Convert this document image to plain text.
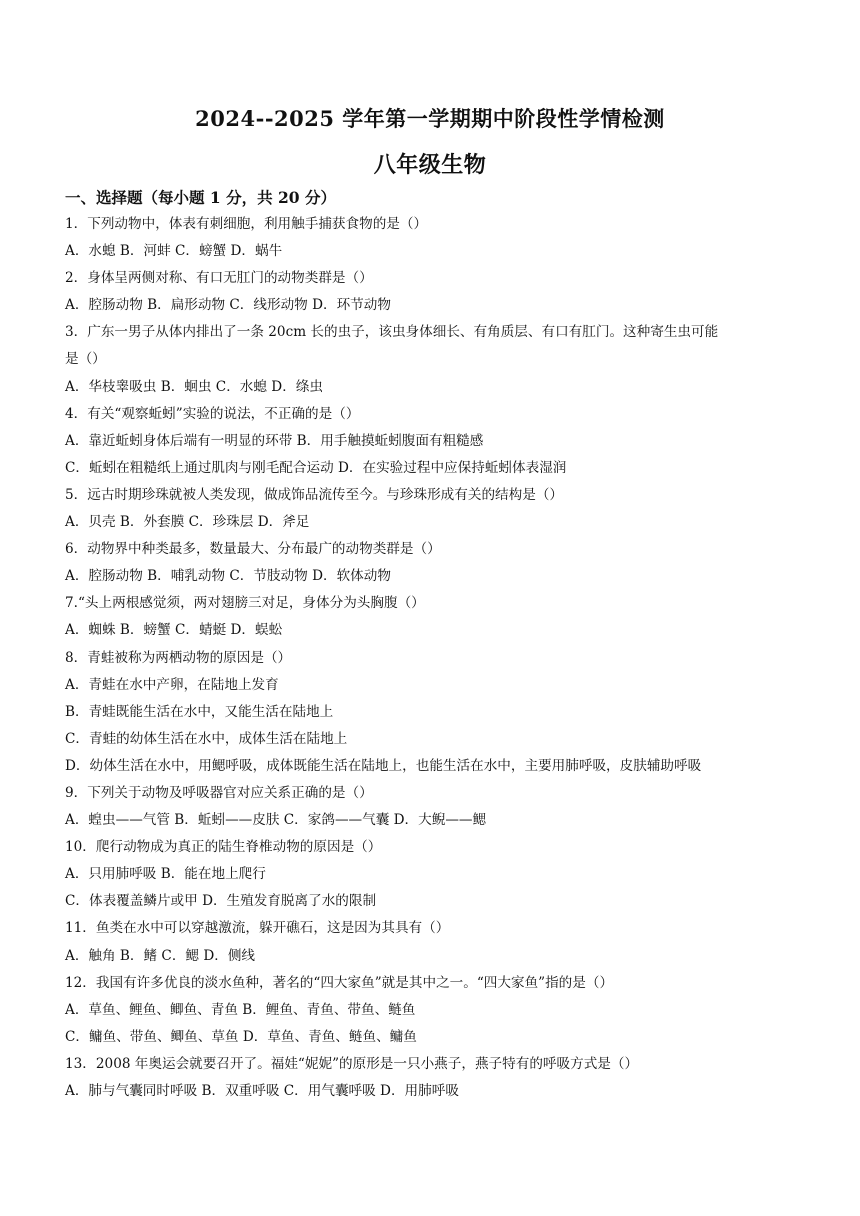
2024--2025 学年第一学期期中阶段性学情检测
八年级生物
一、选择题（每小题 1 分，共 20 分）
1．下列动物中，体表有刺细胞，利用触手捕获食物的是（）
A．水螅 B．河蚌 C．螃蟹 D．蜗牛
2．身体呈两侧对称、有口无肛门的动物类群是（）
A．腔肠动物 B．扁形动物 C．线形动物 D．环节动物
3．广东一男子从体内排出了一条 20cm 长的虫子，该虫身体细长、有角质层、有口有肛门。这种寄生虫可能
是（）
A．华枝睾吸虫 B．蛔虫 C．水螅 D．绦虫
4．有关“观察蚯蚓”实验的说法，不正确的是（）
A．靠近蚯蚓身体后端有一明显的环带 B．用手触摸蚯蚓腹面有粗糙感
C．蚯蚓在粗糙纸上通过肌肉与刚毛配合运动 D．在实验过程中应保持蚯蚓体表湿润
5．远古时期珍珠就被人类发现，做成饰品流传至今。与珍珠形成有关的结构是（）
A．贝壳 B．外套膜 C．珍珠层 D．斧足
6．动物界中种类最多，数量最大、分布最广的动物类群是（）
A．腔肠动物 B．哺乳动物 C．节肢动物 D．软体动物
7.“头上两根感觉须，两对翅膀三对足，身体分为头胸腹（）
A．蜘蛛 B．螃蟹 C．蜻蜓 D．蜈蚣
8．青蛙被称为两栖动物的原因是（）
A．青蛙在水中产卵，在陆地上发育
B．青蛙既能生活在水中，又能生活在陆地上
C．青蛙的幼体生活在水中，成体生活在陆地上
D．幼体生活在水中，用鳃呼吸，成体既能生活在陆地上，也能生活在水中，主要用肺呼吸，皮肤辅助呼吸
9．下列关于动物及呼吸器官对应关系正确的是（）
A．蝗虫——气管 B．蚯蚓——皮肤 C．家鸽——气囊 D．大鲵——鳃
10．爬行动物成为真正的陆生脊椎动物的原因是（）
A．只用肺呼吸 B．能在地上爬行
C．体表覆盖鳞片或甲 D．生殖发育脱离了水的限制
11．鱼类在水中可以穿越激流，躲开礁石，这是因为其具有（）
A．触角 B．鳍 C．鳃 D．侧线
12．我国有许多优良的淡水鱼种，著名的“四大家鱼”就是其中之一。“四大家鱼”指的是（）
A．草鱼、鲤鱼、鲫鱼、青鱼 B．鲤鱼、青鱼、带鱼、鲢鱼
C．鳙鱼、带鱼、鲫鱼、草鱼 D．草鱼、青鱼、鲢鱼、鳙鱼
13．2008 年奥运会就要召开了。福娃“妮妮”的原形是一只小燕子，燕子特有的呼吸方式是（）
A．肺与气囊同时呼吸 B．双重呼吸 C．用气囊呼吸 D．用肺呼吸
